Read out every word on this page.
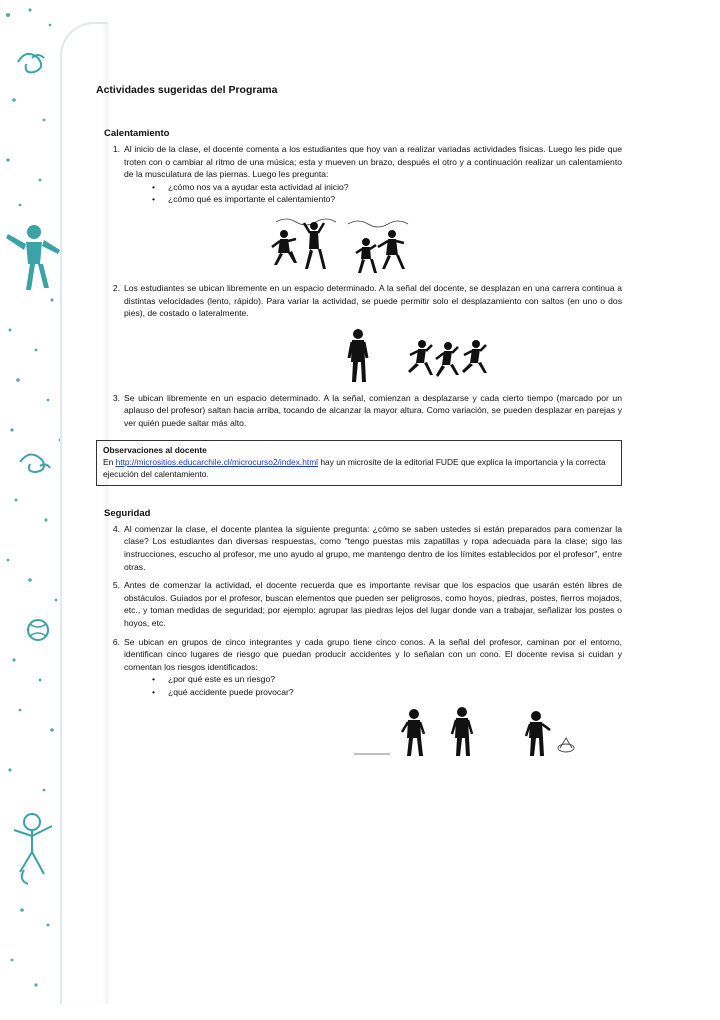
Actividades sugeridas del Programa
Calentamiento
1. Al inicio de la clase, el docente comenta a los estudiantes que hoy van a realizar variadas actividades físicas. Luego les pide que troten con o cambiar al ritmo de una música; esta y mueven un brazo, después el otro y a continuación realizar un calentamiento de la musculatura de las piernas. Luego les pregunta:
• ¿cómo nos va a ayudar esta actividad al inicio?
• ¿cómo qué es importante el calentamiento?
2. Los estudiantes se ubican libremente en un espacio determinado. A la señal del docente, se desplazan en una carrera continua a distintas velocidades (lento, rápido). Para variar la actividad, se puede permitir solo el desplazamiento con saltos (en uno o dos pies), de costado o lateralmente.
3. Se ubican libremente en un espacio determinado. A la señal, comienzan a desplazarse y cada cierto tiempo (marcado por un aplauso del profesor) saltan hacia arriba, tocando de alcanzar la mayor altura. Como variación, se pueden desplazar en parejas y ver quién puede saltar más alto.
Observaciones al docente
En http://micrositios.educarchile.cl/microcurso2/index.html hay un microsite de la editorial FUDE que explica la importancia y la correcta ejecución del calentamiento.
Seguridad
4. Al comenzar la clase, el docente plantea la siguiente pregunta: ¿cómo se saben ustedes si están preparados para comenzar la clase? Los estudiantes dan diversas respuestas, como "tengo puestas mis zapatillas y ropa adecuada para la clase; sigo las instrucciones, escucho al profesor, me uno ayudo al grupo, me mantengo dentro de los límites establecidos por el profesor", entre otras.
5. Antes de comenzar la actividad, el docente recuerda que es importante revisar que los espacios que usarán estén libres de obstáculos. Guiados por el profesor, buscan elementos que pueden ser peligrosos, como hoyos, piedras, postes, fierros mojados, etc., y toman medidas de seguridad; por ejemplo: agrupar las piedras lejos del lugar donde van a trabajar, señalizar los postes o hoyos, etc.
6. Se ubican en grupos de cinco integrantes y cada grupo tiene cinco conos. A la señal del profesor, caminan por el entorno, identifican cinco lugares de riesgo que puedan producir accidentes y lo señalan con un cono. El docente revisa si cuidan y comentan los riesgos identificados:
• ¿por qué este es un riesgo?
• ¿qué accidente puede provocar?
